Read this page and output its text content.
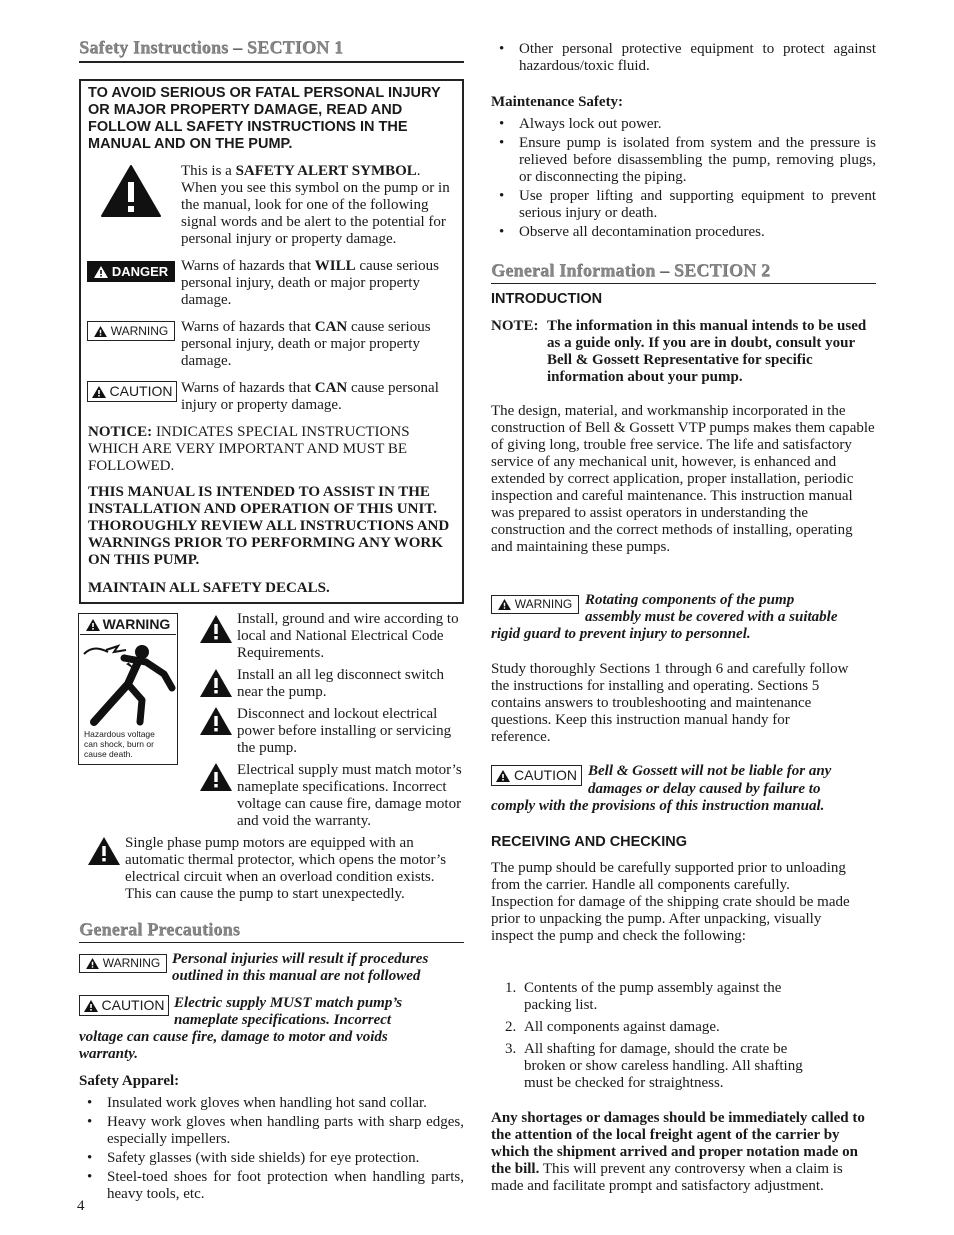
Safety Instructions – SECTION 1
TO AVOID SERIOUS OR FATAL PERSONAL INJURY OR MAJOR PROPERTY DAMAGE, READ AND FOLLOW ALL SAFETY INSTRUCTIONS IN THE MANUAL AND ON THE PUMP.
This is a SAFETY ALERT SYMBOL. When you see this symbol on the pump or in the manual, look for one of the following signal words and be alert to the potential for personal injury or property damage.
DANGER Warns of hazards that WILL cause serious personal injury, death or major property damage.
WARNING Warns of hazards that CAN cause serious personal injury, death or major property damage.
CAUTION Warns of hazards that CAN cause personal injury or property damage.
NOTICE: INDICATES SPECIAL INSTRUCTIONS WHICH ARE VERY IMPORTANT AND MUST BE FOLLOWED.
THIS MANUAL IS INTENDED TO ASSIST IN THE INSTALLATION AND OPERATION OF THIS UNIT. THOROUGHLY REVIEW ALL INSTRUCTIONS AND WARNINGS PRIOR TO PERFORMING ANY WORK ON THIS PUMP.
MAINTAIN ALL SAFETY DECALS.
WARNING
Hazardous voltage can shock, burn or cause death.
Install, ground and wire according to local and National Electrical Code Requirements.
Install an all leg disconnect switch near the pump.
Disconnect and lockout electrical power before installing or servicing the pump.
Electrical supply must match motor’s nameplate specifications. Incorrect voltage can cause fire, damage motor and void the warranty.
Single phase pump motors are equipped with an automatic thermal protector, which opens the motor’s electrical circuit when an overload condition exists. This can cause the pump to start unexpectedly.
General Precautions
WARNING Personal injuries will result if procedures outlined in this manual are not followed
CAUTION Electric supply MUST match pump’s nameplate specifications. Incorrect
voltage can cause fire, damage to motor and voids warranty.
Safety Apparel:
• Insulated work gloves when handling hot sand collar.
• Heavy work gloves when handling parts with sharp edges, especially impellers.
• Safety glasses (with side shields) for eye protection.
• Steel-toed shoes for foot protection when handling parts, heavy tools, etc.
4
• Other personal protective equipment to protect against hazardous/toxic fluid.
Maintenance Safety:
• Always lock out power.
• Ensure pump is isolated from system and the pressure is relieved before disassembling the pump, removing plugs, or disconnecting the piping.
• Use proper lifting and supporting equipment to prevent serious injury or death.
• Observe all decontamination procedures.
General Information – SECTION 2
INTRODUCTION
NOTE: The information in this manual intends to be used as a guide only. If you are in doubt, consult your Bell & Gossett Representative for specific information about your pump.
The design, material, and workmanship incorporated in the construction of Bell & Gossett VTP pumps makes them capable of giving long, trouble free service. The life and satisfactory service of any mechanical unit, however, is enhanced and extended by correct application, proper installation, periodic inspection and careful maintenance. This instruction manual was prepared to assist operators in understanding the construction and the correct methods of installing, operating and maintaining these pumps.
WARNING Rotating components of the pump
assembly must be covered with a suitable
rigid guard to prevent injury to personnel.
Study thoroughly Sections 1 through 6 and carefully follow the instructions for installing and operating. Sections 5 contains answers to troubleshooting and maintenance questions. Keep this instruction manual handy for reference.
CAUTION Bell & Gossett will not be liable for any
damages or delay caused by failure to
comply with the provisions of this instruction manual.
RECEIVING AND CHECKING
The pump should be carefully supported prior to unloading from the carrier. Handle all components carefully. Inspection for damage of the shipping crate should be made prior to unpacking the pump. After unpacking, visually inspect the pump and check the following:
1. Contents of the pump assembly against the packing list.
2. All components against damage.
3. All shafting for damage, should the crate be broken or show careless handling. All shafting must be checked for straightness.
Any shortages or damages should be immediately called to the attention of the local freight agent of the carrier by which the shipment arrived and proper notation made on the bill. This will prevent any controversy when a claim is made and facilitate prompt and satisfactory adjustment.
